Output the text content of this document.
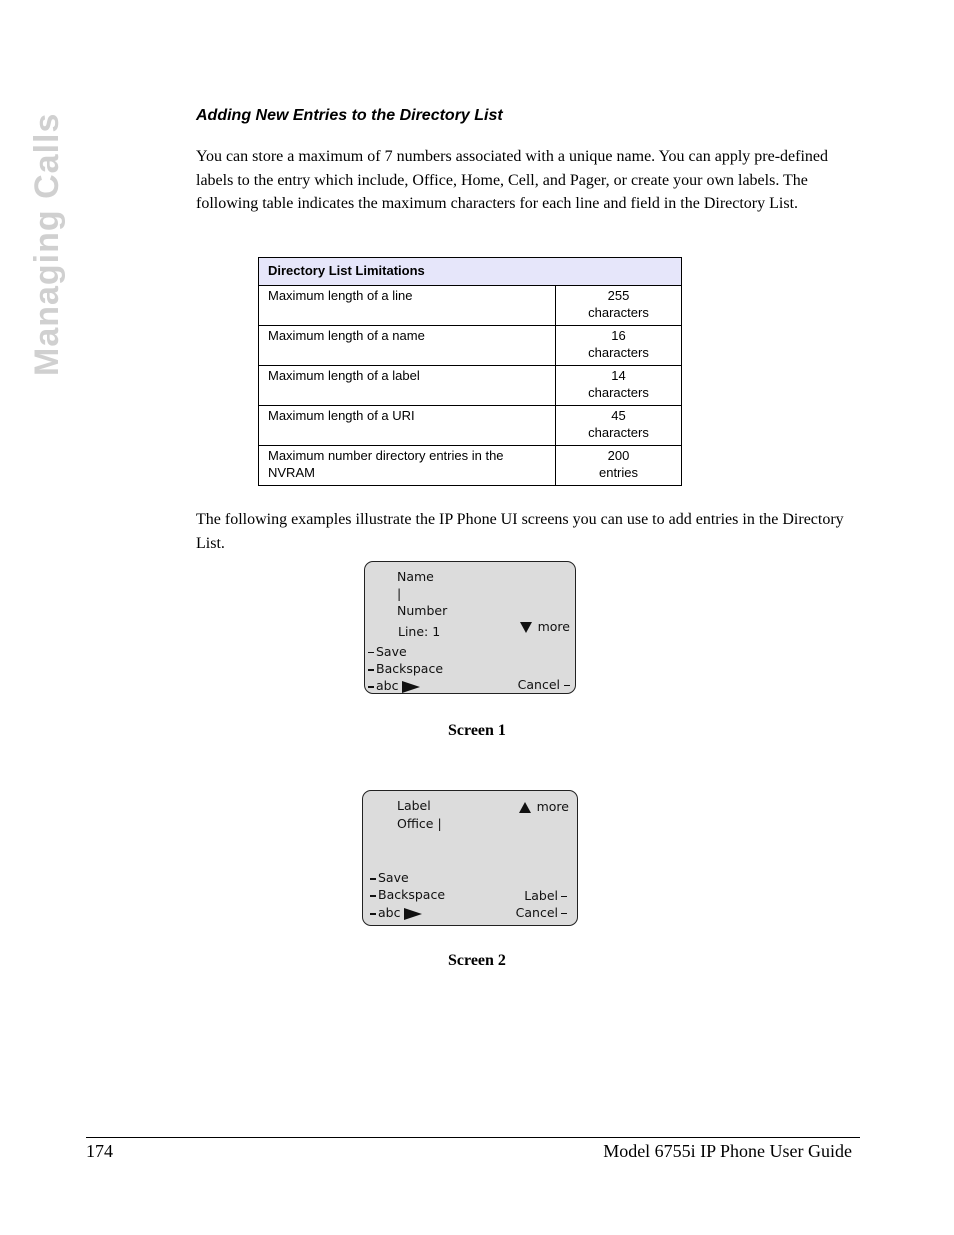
Managing Calls	Adding New Entries to the Directory List
You can store a maximum of 7 numbers associated with a unique name. You can apply pre-defined labels to the entry which include, Office, Home, Cell, and Pager, or create your own labels. The following table indicates the maximum characters for each line and field in the Directory List.
Directory List Limitations	
Maximum length of a line	255
characters
Maximum length of a name	16
characters
Maximum length of a label	14
characters
Maximum length of a URI	45
characters
Maximum number directory entries in the NVRAM	200
entries
The following examples illustrate the IP Phone UI screens you can use to add entries in the Directory List.
Name
|
Number
Line: 1	more
Save
Backspace
abc	Cancel
Screen 1
Label
Office |
more
Save
Backspace
abc
Label
Cancel
Screen 2
174	Model 6755i IP Phone User Guide
